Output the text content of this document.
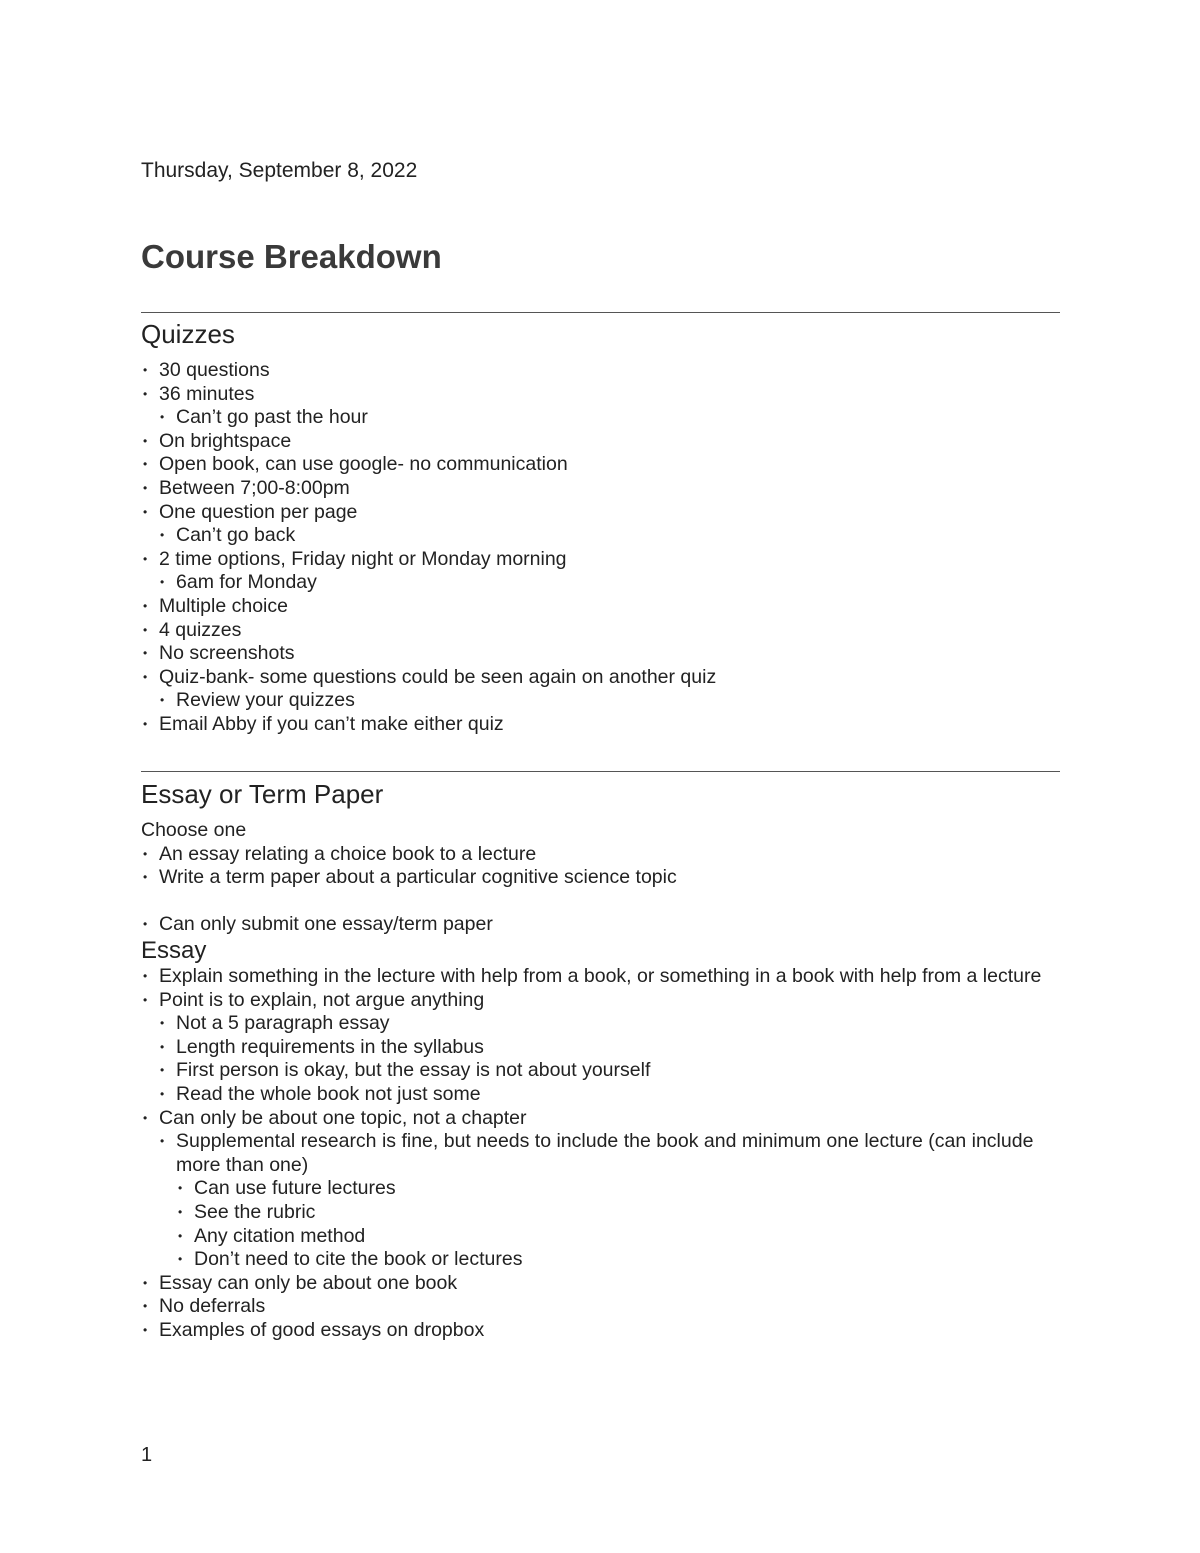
Thursday, September 8, 2022
Course Breakdown
Quizzes
• 30 questions
• 36 minutes
• Can’t go past the hour
• On brightspace
• Open book, can use google- no communication
• Between 7;00-8:00pm
• One question per page
• Can’t go back
• 2 time options, Friday night or Monday morning
• 6am for Monday
• Multiple choice
• 4 quizzes
• No screenshots
• Quiz-bank- some questions could be seen again on another quiz
• Review your quizzes
• Email Abby if you can’t make either quiz
Essay or Term Paper
Choose one
• An essay relating a choice book to a lecture
• Write a term paper about a particular cognitive science topic
• Can only submit one essay/term paper
Essay
• Explain something in the lecture with help from a book, or something in a book with help from a lecture
• Point is to explain, not argue anything
• Not a 5 paragraph essay
• Length requirements in the syllabus
• First person is okay, but the essay is not about yourself
• Read the whole book not just some
• Can only be about one topic, not a chapter
• Supplemental research is fine, but needs to include the book and minimum one lecture (can include more than one)
• Can use future lectures
• See the rubric
• Any citation method
• Don’t need to cite the book or lectures
• Essay can only be about one book
• No deferrals
• Examples of good essays on dropbox
1
